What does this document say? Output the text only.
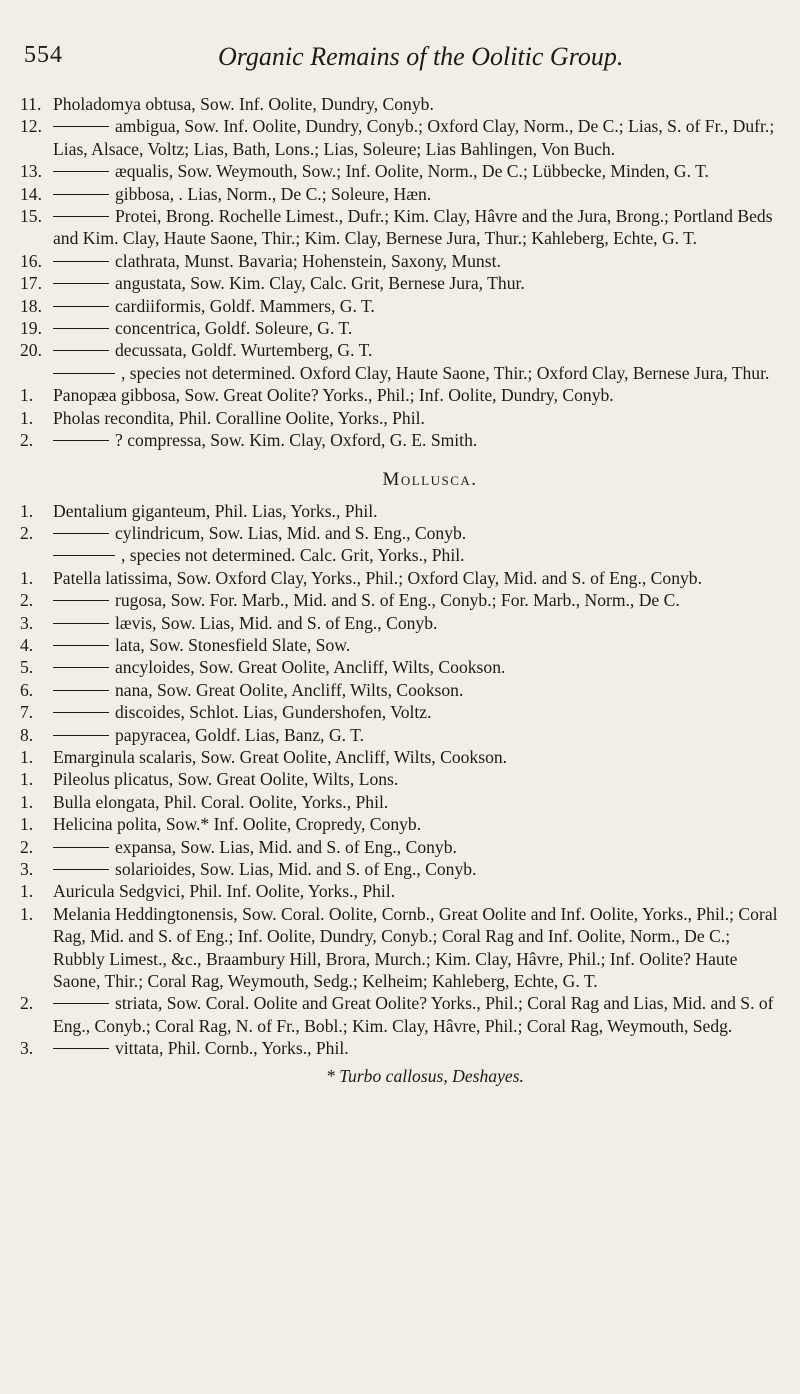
554	Organic Remains of the Oolitic Group.
11. Pholadomya obtusa, Sow. Inf. Oolite, Dundry, Conyb.
12.	ambigua, Sow. Inf. Oolite, Dundry, Conyb.; Oxford Clay, Norm., De C.; Lias, S. of Fr., Dufr.; Lias, Alsace, Voltz; Lias, Bath, Lons.; Lias, Soleure; Lias Bahlingen, Von Buch.
13.	æqualis, Sow. Weymouth, Sow.; Inf. Oolite, Norm., De C.; Lübbecke, Minden, G. T.
14.	gibbosa, . Lias, Norm., De C.; Soleure, Hæn.
15.	Protei, Brong. Rochelle Limest., Dufr.; Kim. Clay, Hâvre and the Jura, Brong.; Portland Beds and Kim. Clay, Haute Saone, Thir.; Kim. Clay, Bernese Jura, Thur.; Kahleberg, Echte, G. T.
16.	clathrata, Munst. Bavaria; Hohenstein, Saxony, Munst.
17.	angustata, Sow. Kim. Clay, Calc. Grit, Bernese Jura, Thur.
18.	cardiiformis, Goldf. Mammers, G. T.
19.	concentrica, Goldf. Soleure, G. T.
20.	decussata, Goldf. Wurtemberg, G. T.
, species not determined. Oxford Clay, Haute Saone, Thir.; Oxford Clay, Bernese Jura, Thur.
1.	Panopæa gibbosa, Sow. Great Oolite? Yorks., Phil.; Inf. Oolite, Dundry, Conyb.
1.	Pholas recondita, Phil. Coralline Oolite, Yorks., Phil.
2.	? compressa, Sow. Kim. Clay, Oxford, G. E. Smith.
Mollusca.
1.	Dentalium giganteum, Phil. Lias, Yorks., Phil.
2.	cylindricum, Sow. Lias, Mid. and S. Eng., Conyb.
, species not determined. Calc. Grit, Yorks., Phil.
1.	Patella latissima, Sow. Oxford Clay, Yorks., Phil.; Oxford Clay, Mid. and S. of Eng., Conyb.
2.	rugosa, Sow. For. Marb., Mid. and S. of Eng., Conyb.; For. Marb., Norm., De C.
3.	lævis, Sow. Lias, Mid. and S. of Eng., Conyb.
4.	lata, Sow. Stonesfield Slate, Sow.
5.	ancyloides, Sow. Great Oolite, Ancliff, Wilts, Cookson.
6.	nana, Sow. Great Oolite, Ancliff, Wilts, Cookson.
7.	discoides, Schlot. Lias, Gundershofen, Voltz.
8.	papyracea, Goldf. Lias, Banz, G. T.
1.	Emarginula scalaris, Sow. Great Oolite, Ancliff, Wilts, Cookson.
1.	Pileolus plicatus, Sow. Great Oolite, Wilts, Lons.
1.	Bulla elongata, Phil. Coral. Oolite, Yorks., Phil.
1.	Helicina polita, Sow.* Inf. Oolite, Cropredy, Conyb.
2.	expansa, Sow. Lias, Mid. and S. of Eng., Conyb.
3.	solarioides, Sow. Lias, Mid. and S. of Eng., Conyb.
1.	Auricula Sedgvici, Phil. Inf. Oolite, Yorks., Phil.
1.	Melania Heddingtonensis, Sow. Coral. Oolite, Cornb., Great Oolite and Inf. Oolite, Yorks., Phil.; Coral Rag, Mid. and S. of Eng.; Inf. Oolite, Dundry, Conyb.; Coral Rag and Inf. Oolite, Norm., De C.; Rubbly Limest., &c., Braambury Hill, Brora, Murch.; Kim. Clay, Hâvre, Phil.; Inf. Oolite? Haute Saone, Thir.; Coral Rag, Weymouth, Sedg.; Kelheim; Kahleberg, Echte, G. T.
2.	striata, Sow. Coral. Oolite and Great Oolite? Yorks., Phil.; Coral Rag and Lias, Mid. and S. of Eng., Conyb.; Coral Rag, N. of Fr., Bobl.; Kim. Clay, Hâvre, Phil.; Coral Rag, Weymouth, Sedg.
3.	vittata, Phil. Cornb., Yorks., Phil.
* Turbo callosus, Deshayes.
